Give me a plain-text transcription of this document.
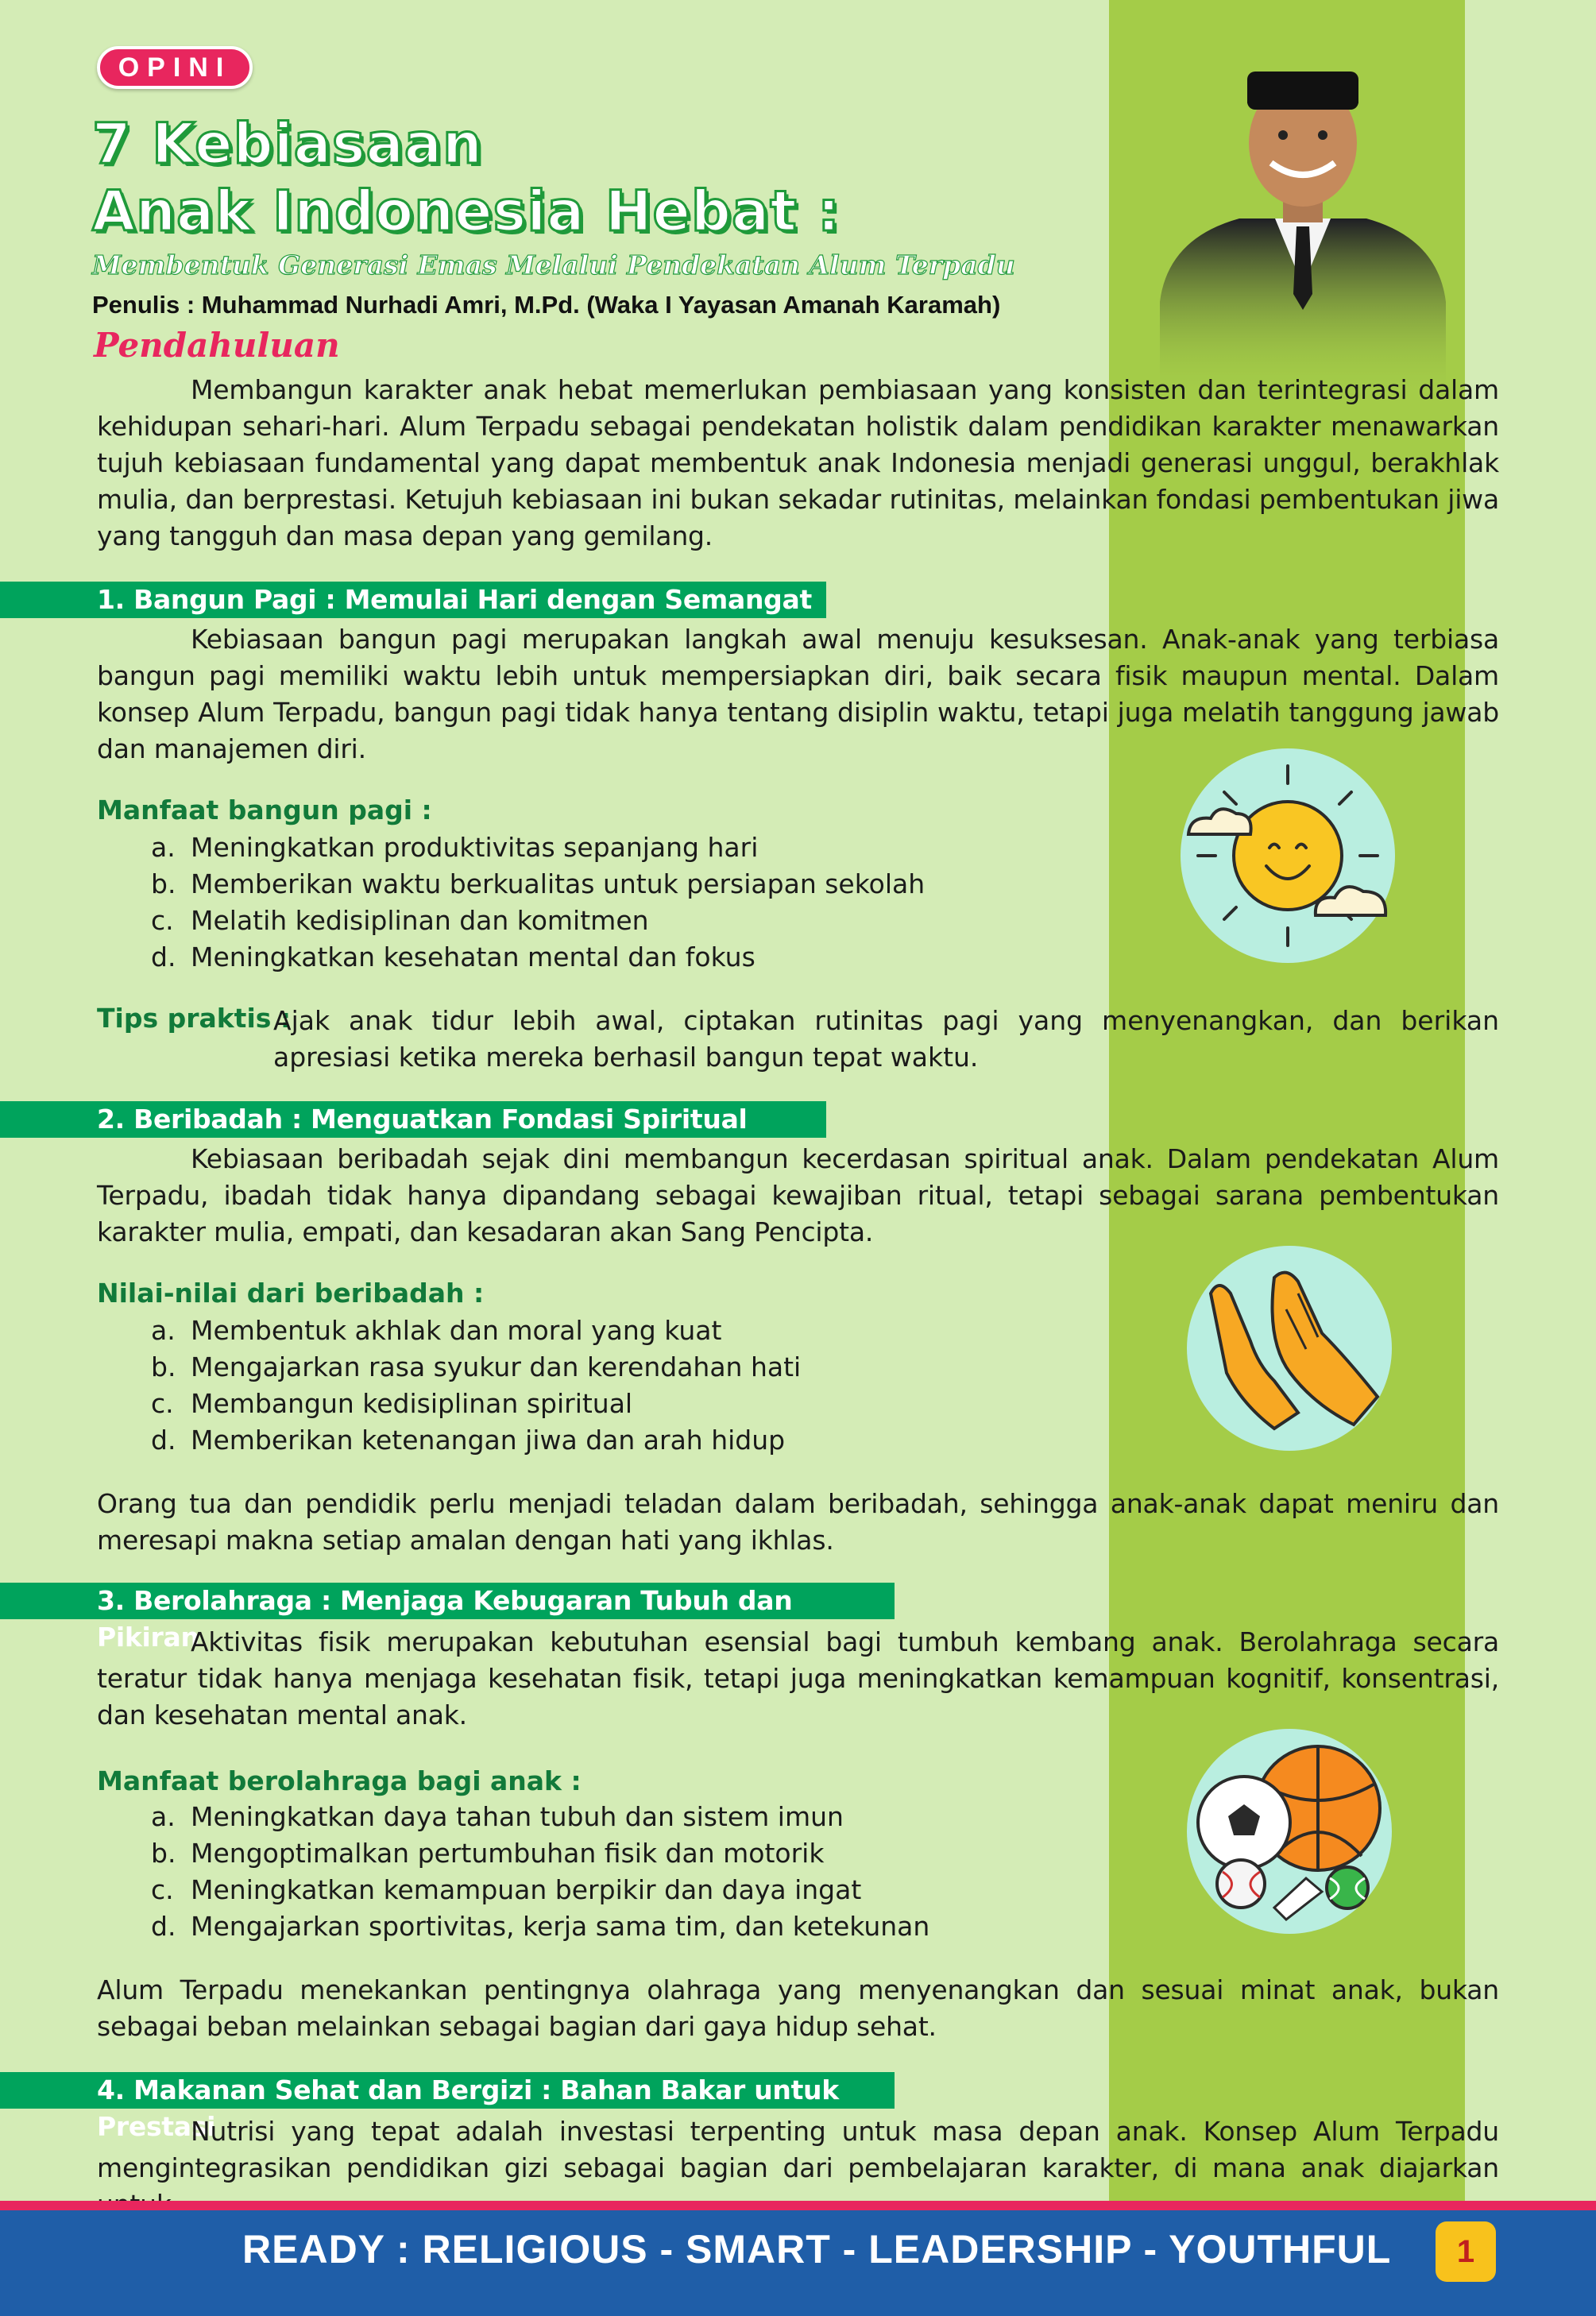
OPINI
7 Kebiasaan
Anak Indonesia Hebat :
Membentuk Generasi Emas Melalui Pendekatan Alum Terpadu
Penulis : Muhammad Nurhadi Amri, M.Pd. (Waka I Yayasan Amanah Karamah)
Pendahuluan

Membangun karakter anak hebat memerlukan pembiasaan yang konsisten dan terintegrasi dalam kehidupan sehari-hari. Alum Terpadu sebagai pendekatan holistik dalam pendidikan karakter menawarkan tujuh kebiasaan fundamental yang dapat membentuk anak Indonesia menjadi generasi unggul, berakhlak mulia, dan berprestasi. Ketujuh kebiasaan ini bukan sekadar rutinitas, melainkan fondasi pembentukan jiwa yang tangguh dan masa depan yang gemilang.

1. Bangun Pagi : Memulai Hari dengan Semangat

Kebiasaan bangun pagi merupakan langkah awal menuju kesuksesan. Anak-anak yang terbiasa bangun pagi memiliki waktu lebih untuk mempersiapkan diri, baik secara fisik maupun mental. Dalam konsep Alum Terpadu, bangun pagi tidak hanya tentang disiplin waktu, tetapi juga melatih tanggung jawab dan manajemen diri.

Manfaat bangun pagi :
a. Meningkatkan produktivitas sepanjang hari
b. Memberikan waktu berkualitas untuk persiapan sekolah
c. Melatih kedisiplinan dan komitmen
d. Meningkatkan kesehatan mental dan fokus
Tips praktis :

Ajak anak tidur lebih awal, ciptakan rutinitas pagi yang menyenangkan, dan berikan apresiasi ketika mereka berhasil bangun tepat waktu.

2. Beribadah : Menguatkan Fondasi Spiritual

Kebiasaan beribadah sejak dini membangun kecerdasan spiritual anak. Dalam pendekatan Alum Terpadu, ibadah tidak hanya dipandang sebagai kewajiban ritual, tetapi sebagai sarana pembentukan karakter mulia, empati, dan kesadaran akan Sang Pencipta.

Nilai-nilai dari beribadah :
a. Membentuk akhlak dan moral yang kuat
b. Mengajarkan rasa syukur dan kerendahan hati
c. Membangun kedisiplinan spiritual
d. Memberikan ketenangan jiwa dan arah hidup

Orang tua dan pendidik perlu menjadi teladan dalam beribadah, sehingga anak-anak dapat meniru dan meresapi makna setiap amalan dengan hati yang ikhlas.

3. Berolahraga : Menjaga Kebugaran Tubuh dan Pikiran

Aktivitas fisik merupakan kebutuhan esensial bagi tumbuh kembang anak. Berolahraga secara teratur tidak hanya menjaga kesehatan fisik, tetapi juga meningkatkan kemampuan kognitif, konsentrasi, dan kesehatan mental anak.

Manfaat berolahraga bagi anak :
a. Meningkatkan daya tahan tubuh dan sistem imun
b. Mengoptimalkan pertumbuhan fisik dan motorik
c. Meningkatkan kemampuan berpikir dan daya ingat
d. Mengajarkan sportivitas, kerja sama tim, dan ketekunan

Alum Terpadu menekankan pentingnya olahraga yang menyenangkan dan sesuai minat anak, bukan sebagai beban melainkan sebagai bagian dari gaya hidup sehat.

4. Makanan Sehat dan Bergizi : Bahan Bakar untuk Prestasi

Nutrisi yang tepat adalah investasi terpenting untuk masa depan anak. Konsep Alum Terpadu mengintegrasikan pendidikan gizi sebagai bagian dari pembelajaran karakter, di mana anak diajarkan

READY : RELIGIOUS - SMART - LEADERSHIP - YOUTHFUL	1
